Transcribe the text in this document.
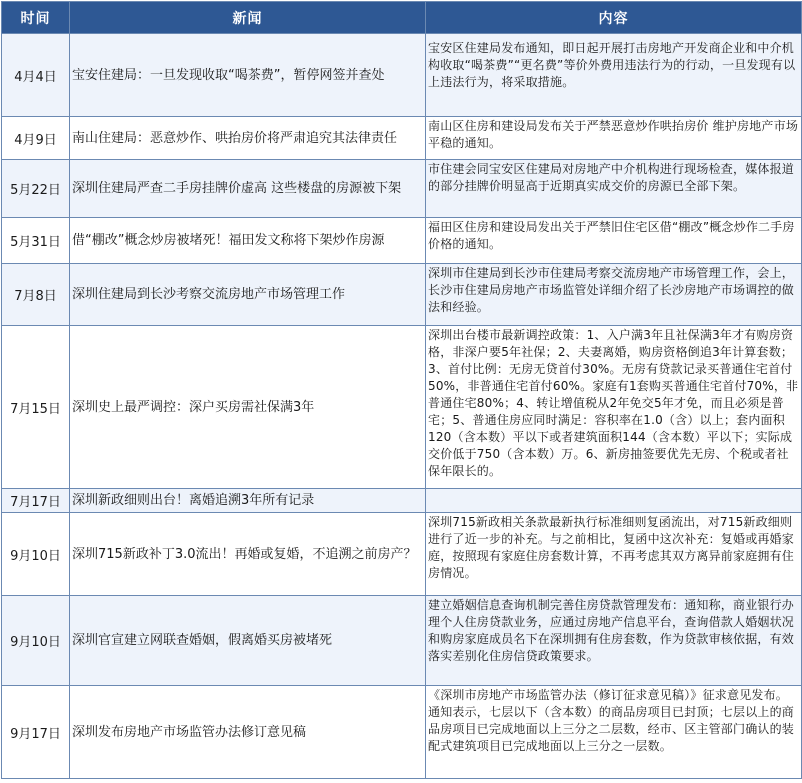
时间	新闻	内容
4月4日	宝安住建局：一旦发现收取“喝茶费”，暂停网签并查处	宝安区住建局发布通知，即日起开展打击房地产开发商企业和中介机构收取“喝茶费”“更名费”等价外费用违法行为的行动，一旦发现有以上违法行为，将采取措施。
4月9日	南山住建局：恶意炒作、哄抬房价将严肃追究其法律责任	南山区住房和建设局发布关于严禁恶意炒作哄抬房价 维护房地产市场平稳的通知。
5月22日	深圳住建局严查二手房挂牌价虚高 这些楼盘的房源被下架	市住建会同宝安区住建局对房地产中介机构进行现场检查，媒体报道的部分挂牌价明显高于近期真实成交价的房源已全部下架。
5月31日	借“棚改”概念炒房被堵死！福田发文称将下架炒作房源	福田区住房和建设局发出关于严禁旧住宅区借“棚改”概念炒作二手房价格的通知。
7月8日	深圳住建局到长沙考察交流房地产市场管理工作	深圳市住建局到长沙市住建局考察交流房地产市场管理工作，会上，长沙市住建局房地产市场监管处详细介绍了长沙房地产市场调控的做法和经验。
7月15日	深圳史上最严调控：深户买房需社保满3年	深圳出台楼市最新调控政策：1、入户满3年且社保满3年才有购房资格，非深户要5年社保；2、夫妻离婚，购房资格倒追3年计算套数；3、首付比例：无房无贷首付30%。无房有贷款记录买普通住宅首付50%，非普通住宅首付60%。家庭有1套购买普通住宅首付70%，非普通住宅80%；4、转让增值税从2年免交5年才免，而且必须是普宅；5、普通住房应同时满足：容积率在1.0（含）以上；套内面积120（含本数）平以下或者建筑面积144（含本数）平以下；实际成交价低于750（含本数）万。6、新房抽签要优先无房、个税或者社保年限长的。
7月17日	深圳新政细则出台！离婚追溯3年所有记录	
9月10日	深圳715新政补丁3.0流出！再婚或复婚，不追溯之前房产？	深圳715新政相关条款最新执行标准细则复函流出，对715新政细则进行了近一步的补充。与之前相比，复函中这次补充：复婚或再婚家庭，按照现有家庭住房套数计算，不再考虑其双方离异前家庭拥有住房情况。
9月10日	深圳官宣建立网联查婚姻，假离婚买房被堵死	建立婚姻信息查询机制完善住房贷款管理发布：通知称，商业银行办理个人住房贷款业务，应通过房地产信息平台，查询借款人婚姻状况和购房家庭成员名下在深圳拥有住房套数，作为贷款审核依据，有效落实差别化住房信贷政策要求。
9月17日	深圳发布房地产市场监管办法修订意见稿	《深圳市房地产市场监管办法（修订征求意见稿）》征求意见发布。通知表示，七层以下（含本数）的商品房项目已封顶；七层以上的商品房项目已完成地面以上三分之二层数，经市、区主管部门确认的装配式建筑项目已完成地面以上三分之一层数。
